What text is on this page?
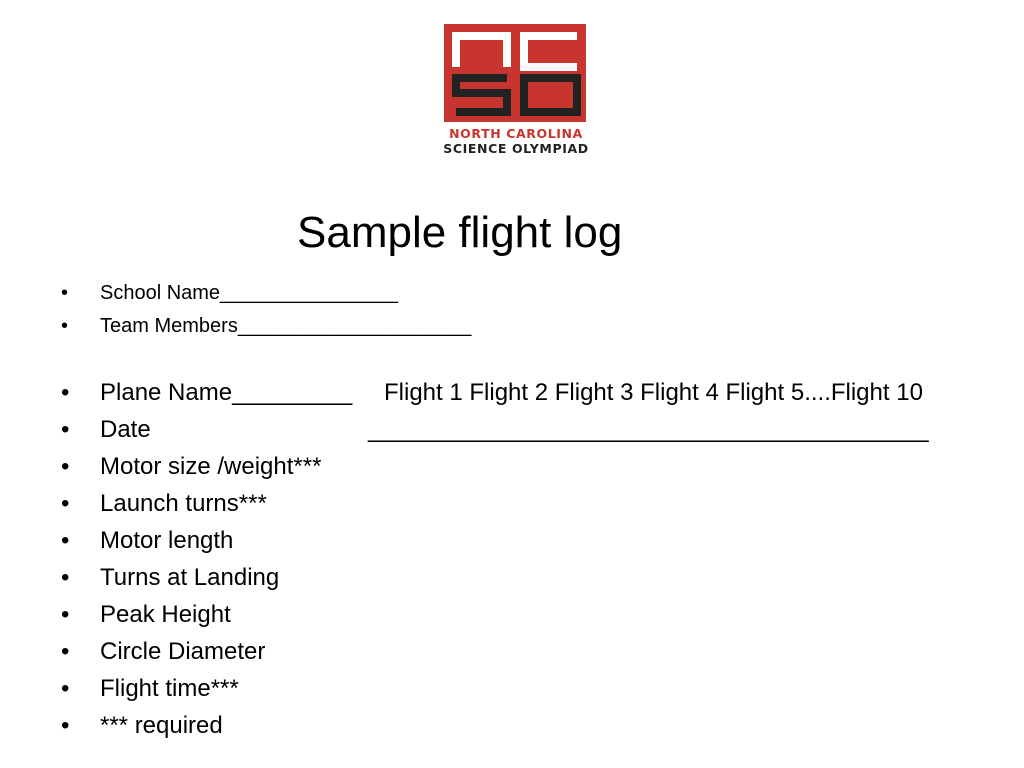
NORTH CAROLINA
SCIENCE OLYMPIAD
Sample flight log
• School Name________________
• Team Members_____________________
• Plane Name_________ Flight 1 Flight 2 Flight 3 Flight 4 Flight 5....Flight 10
• Date	__________________________________________
• Motor size /weight***
• Launch turns***
• Motor length
• Turns at Landing
• Peak Height
• Circle Diameter
• Flight time***
• *** required
